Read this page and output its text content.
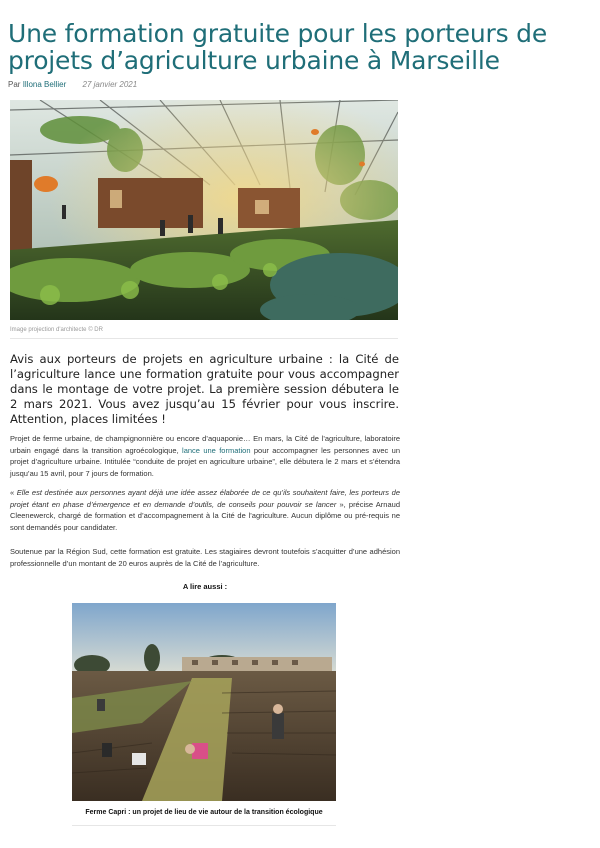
Une formation gratuite pour les porteurs de projets d’agriculture urbaine à Marseille
Par Illona Bellier 27 janvier 2021
Image projection d'architecte © DR

Avis aux porteurs de projets en agriculture urbaine : la Cité de l’agriculture lance une formation gratuite pour vous accompagner dans le montage de votre projet. La première session débutera le 2 mars 2021. Vous avez jusqu’au 15 février pour vous inscrire. Attention, places limitées !

Projet de ferme urbaine, de champignonnière ou encore d’aquaponie… En mars, la Cité de l’agriculture, laboratoire urbain engagé dans la transition agroécologique, lance une formation pour accompagner les personnes avec un projet d’agriculture urbaine. Intitulée “conduite de projet en agriculture urbaine”, elle débutera le 2 mars et s’étendra jusqu’au 15 avril, pour 7 jours de formation.

« Elle est destinée aux personnes ayant déjà une idée assez élaborée de ce qu’ils souhaitent faire, les porteurs de projet étant en phase d’émergence et en demande d’outils, de conseils pour pouvoir se lancer », précise Arnaud Cleenewerck, chargé de formation et d’accompagnement à la Cité de l’agriculture. Aucun diplôme ou pré-requis ne sont demandés pour candidater.

Soutenue par la Région Sud, cette formation est gratuite. Les stagiaires devront toutefois s’acquitter d’une adhésion professionnelle d’un montant de 20 euros auprès de la Cité de l’agriculture.

A lire aussi :

Ferme Capri : un projet de lieu de vie autour de la transition écologique
